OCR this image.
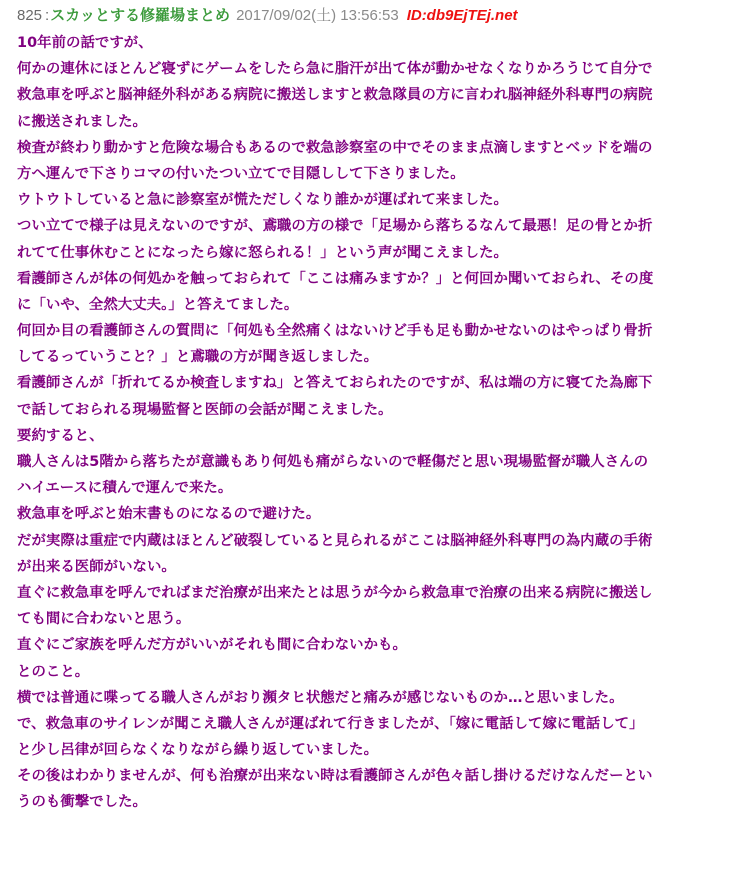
825 :スカッとする修羅場まとめ 2017/09/02(土) 13:56:53 ID:db9EjTEj.net
10年前の話ですが、
何かの連休にほとんど寝ずにゲームをしたら急に脂汗が出て体が動かせなくなりかろうじて自分で
救急車を呼ぶと脳神経外科がある病院に搬送しますと救急隊員の方に言われ脳神経外科専門の病院
に搬送されました。
検査が終わり動かすと危険な場合もあるので救急診察室の中でそのまま点滴しますとベッドを端の
方へ運んで下さりコマの付いたつい立てで目隠しして下さりました。
ウトウトしていると急に診察室が慌ただしくなり誰かが運ばれて来ました。
つい立てで様子は見えないのですが、鳶職の方の様で「足場から落ちるなんて最悪！足の骨とか折
れてて仕事休むことになったら嫁に怒られる！」という声が聞こえました。
看護師さんが体の何処かを触っておられて「ここは痛みますか？」と何回か聞いておられ、その度
に「いや、全然大丈夫。」と答えてました。
何回か目の看護師さんの質問に「何処も全然痛くはないけど手も足も動かせないのはやっぱり骨折
してるっていうこと？」と鳶職の方が聞き返しました。
看護師さんが「折れてるか検査しますね」と答えておられたのですが、私は端の方に寝てた為廊下
で話しておられる現場監督と医師の会話が聞こえました。
要約すると、
職人さんは5階から落ちたが意識もあり何処も痛がらないので軽傷だと思い現場監督が職人さんの
ハイエースに積んで運んで来た。
救急車を呼ぶと始末書ものになるので避けた。
だが実際は重症で内蔵はほとんど破裂していると見られるがここは脳神経外科専門の為内蔵の手術
が出来る医師がいない。
直ぐに救急車を呼んでればまだ治療が出来たとは思うが今から救急車で治療の出来る病院に搬送し
ても間に合わないと思う。
直ぐにご家族を呼んだ方がいいがそれも間に合わないかも。
とのこと。
横では普通に喋ってる職人さんがおり瀕タヒ状態だと痛みが感じないものか…と思いました。
で、救急車のサイレンが聞こえ職人さんが運ばれて行きましたが、「嫁に電話して嫁に電話して」
と少し呂律が回らなくなりながら繰り返していました。
その後はわかりませんが、何も治療が出来ない時は看護師さんが色々話し掛けるだけなんだーとい
うのも衝撃でした。
